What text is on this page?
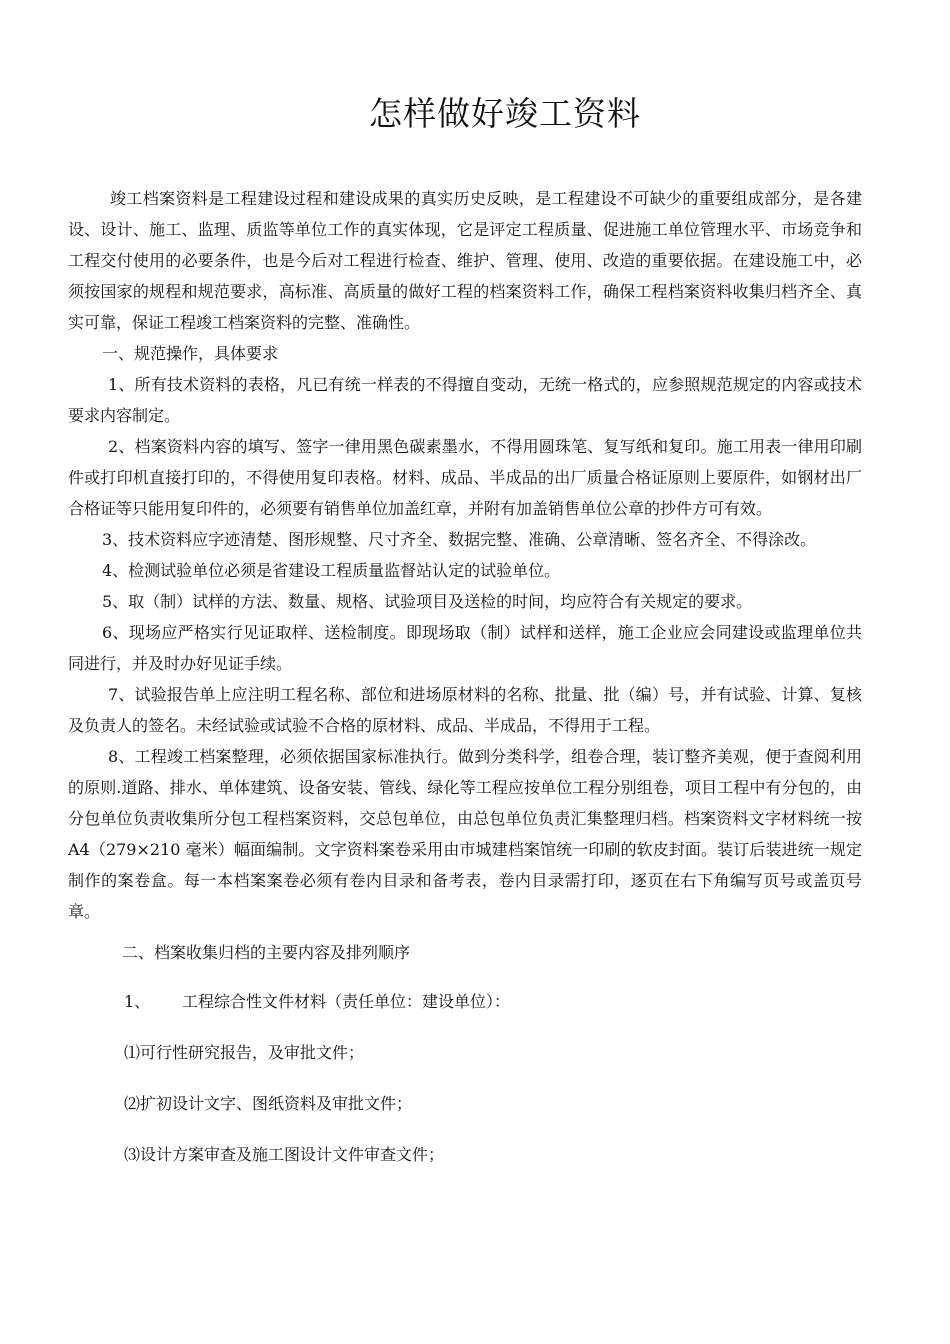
怎样做好竣工资料

竣工档案资料是工程建设过程和建设成果的真实历史反映，是工程建设不可缺少的重要组成部分，是各建设、设计、施工、监理、质监等单位工作的真实体现，它是评定工程质量、促进施工单位管理水平、市场竞争和工程交付使用的必要条件，也是今后对工程进行检查、维护、管理、使用、改造的重要依据。在建设施工中，必须按国家的规程和规范要求，高标准、高质量的做好工程的档案资料工作，确保工程档案资料收集归档齐全、真实可靠，保证工程竣工档案资料的完整、准确性。

一、规范操作，具体要求

1、所有技术资料的表格，凡已有统一样表的不得擅自变动，无统一格式的，应参照规范规定的内容或技术要求内容制定。

2、档案资料内容的填写、签字一律用黑色碳素墨水，不得用圆珠笔、复写纸和复印。施工用表一律用印刷件或打印机直接打印的，不得使用复印表格。材料、成品、半成品的出厂质量合格证原则上要原件，如钢材出厂合格证等只能用复印件的，必须要有销售单位加盖红章，并附有加盖销售单位公章的抄件方可有效。

3、技术资料应字迹清楚、图形规整、尺寸齐全、数据完整、准确、公章清晰、签名齐全、不得涂改。

4、检测试验单位必须是省建设工程质量监督站认定的试验单位。

5、取（制）试样的方法、数量、规格、试验项目及送检的时间，均应符合有关规定的要求。

6、现场应严格实行见证取样、送检制度。即现场取（制）试样和送样，施工企业应会同建设或监理单位共同进行，并及时办好见证手续。

7、试验报告单上应注明工程名称、部位和进场原材料的名称、批量、批（编）号，并有试验、计算、复核及负责人的签名。未经试验或试验不合格的原材料、成品、半成品，不得用于工程。

8、工程竣工档案整理，必须依据国家标准执行。做到分类科学，组卷合理，装订整齐美观，便于查阅利用的原则.道路、排水、单体建筑、设备安装、管线、绿化等工程应按单位工程分别组卷，项目工程中有分包的，由分包单位负责收集所分包工程档案资料，交总包单位，由总包单位负责汇集整理归档。档案资料文字材料统一按 A4（279×210 毫米）幅面编制。文字资料案卷采用由市城建档案馆统一印刷的软皮封面。装订后装进统一规定制作的案卷盒。每一本档案案卷必须有卷内目录和备考表，卷内目录需打印，逐页在右下角编写页号或盖页号章。

二、档案收集归档的主要内容及排列顺序

1、 工程综合性文件材料（责任单位：建设单位）：

⑴可行性研究报告，及审批文件；

⑵扩初设计文字、图纸资料及审批文件；

⑶设计方案审查及施工图设计文件审查文件；
